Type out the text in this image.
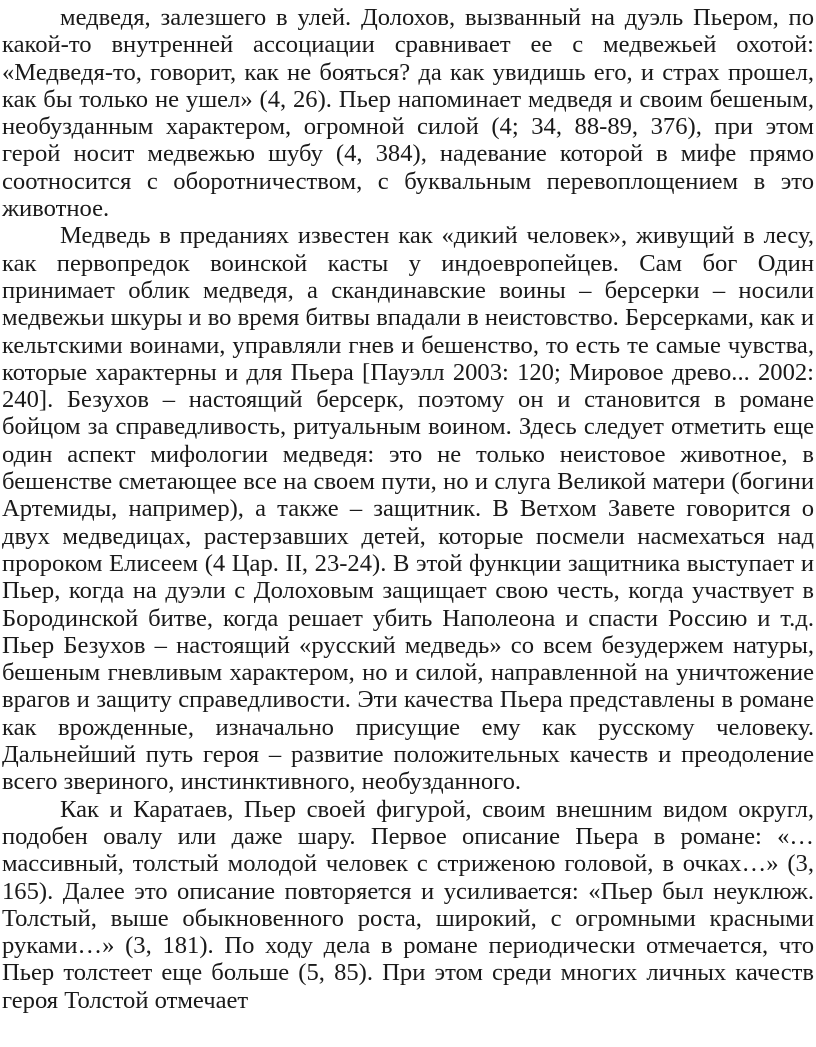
медведя, залезшего в улей. Долохов, вызванный на дуэль Пьером, по какой-то внутренней ассоциации сравнивает ее с медвежьей охотой: «Медведя-то, говорит, как не бояться? да как увидишь его, и страх прошел, как бы только не ушел» (4, 26). Пьер напоминает медведя и своим бешеным, необузданным характером, огромной силой (4; 34, 88-89, 376), при этом герой носит медвежью шубу (4, 384), надевание которой в мифе прямо соотносится с оборотничеством, с буквальным перевоплощением в это животное.

Медведь в преданиях известен как «дикий человек», живущий в лесу, как первопредок воинской касты у индоевропейцев. Сам бог Один принимает облик медведя, а скандинавские воины – берсерки – носили медвежьи шкуры и во время битвы впадали в неистовство. Берсерками, как и кельтскими воинами, управляли гнев и бешенство, то есть те самые чувства, которые характерны и для Пьера [Пауэлл 2003: 120; Мировое древо... 2002: 240]. Безухов – настоящий берсерк, поэтому он и становится в романе бойцом за справедливость, ритуальным воином. Здесь следует отметить еще один аспект мифологии медведя: это не только неистовое животное, в бешенстве сметающее все на своем пути, но и слуга Великой матери (богини Артемиды, например), а также – защитник. В Ветхом Завете говорится о двух медведицах, растерзавших детей, которые посмели насмехаться над пророком Елисеем (4 Цар. II, 23-24). В этой функции защитника выступает и Пьер, когда на дуэли с Долоховым защищает свою честь, когда участвует в Бородинской битве, когда решает убить Наполеона и спасти Россию и т.д. Пьер Безухов – настоящий «русский медведь» со всем безудержем натуры, бешеным гневливым характером, но и силой, направленной на уничтожение врагов и защиту справедливости. Эти качества Пьера представлены в романе как врожденные, изначально присущие ему как русскому человеку. Дальнейший путь героя – развитие положительных качеств и преодоление всего звериного, инстинктивного, необузданного.

Как и Каратаев, Пьер своей фигурой, своим внешним видом округл, подобен овалу или даже шару. Первое описание Пьера в романе: «…массивный, толстый молодой человек с стриженою головой, в очках…» (3, 165). Далее это описание повторяется и усиливается: «Пьер был неуклюж. Толстый, выше обыкновенного роста, широкий, с огромными красными руками…» (3, 181). По ходу дела в романе периодически отмечается, что Пьер толстеет еще больше (5, 85). При этом среди многих личных качеств героя Толстой отмечает
